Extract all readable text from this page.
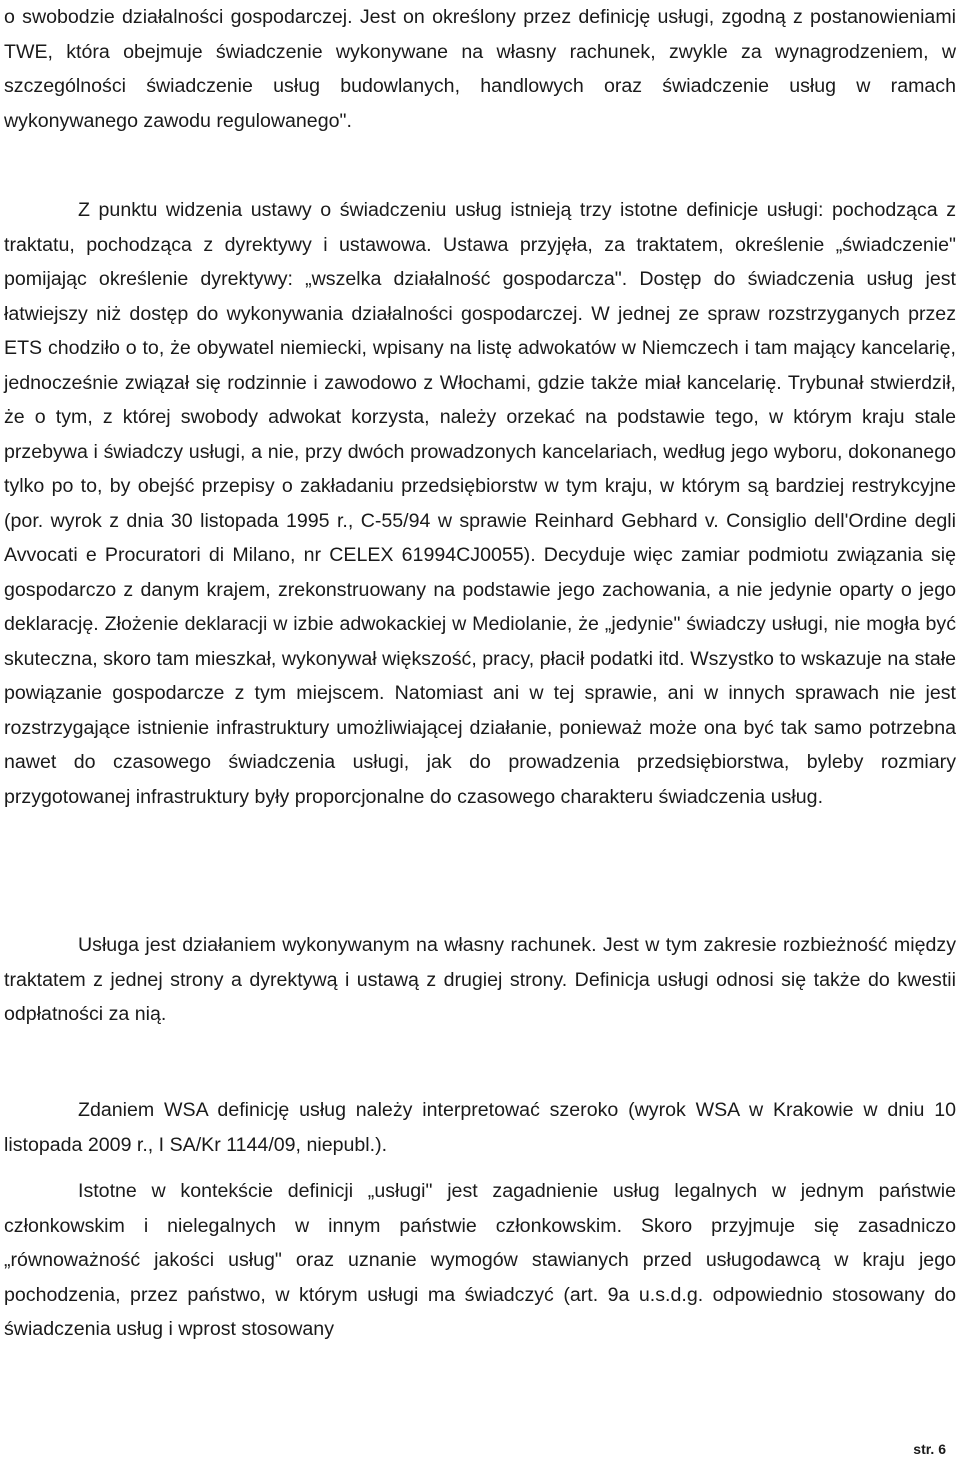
o swobodzie działalności gospodarczej. Jest on określony przez definicję usługi, zgodną z postanowieniami TWE, która obejmuje świadczenie wykonywane na własny rachunek, zwykle za wynagrodzeniem, w szczególności świadczenie usług budowlanych, handlowych oraz świadczenie usług w ramach wykonywanego zawodu regulowanego".

Z punktu widzenia ustawy o świadczeniu usług istnieją trzy istotne definicje usługi: pochodząca z traktatu, pochodząca z dyrektywy i ustawowa. Ustawa przyjęła, za traktatem, określenie „świadczenie" pomijając określenie dyrektywy: „wszelka działalność gospodarcza". Dostęp do świadczenia usług jest łatwiejszy niż dostęp do wykonywania działalności gospodarczej. W jednej ze spraw rozstrzyganych przez ETS chodziło o to, że obywatel niemiecki, wpisany na listę adwokatów w Niemczech i tam mający kancelarię, jednocześnie związał się rodzinnie i zawodowo z Włochami, gdzie także miał kancelarię. Trybunał stwierdził, że o tym, z której swobody adwokat korzysta, należy orzekać na podstawie tego, w którym kraju stale przebywa i świadczy usługi, a nie, przy dwóch prowadzonych kancelariach, według jego wyboru, dokonanego tylko po to, by obejść przepisy o zakładaniu przedsiębiorstw w tym kraju, w którym są bardziej restrykcyjne (por. wyrok z dnia 30 listopada 1995 r., C-55/94 w sprawie Reinhard Gebhard v. Consiglio dell'Ordine degli Avvocati e Procuratori di Milano, nr CELEX 61994CJ0055). Decyduje więc zamiar podmiotu związania się gospodarczo z danym krajem, zrekonstruowany na podstawie jego zachowania, a nie jedynie oparty o jego deklarację. Złożenie deklaracji w izbie adwokackiej w Mediolanie, że „jedynie" świadczy usługi, nie mogła być skuteczna, skoro tam mieszkał, wykonywał większość, pracy, płacił podatki itd. Wszystko to wskazuje na stałe powiązanie gospodarcze z tym miejscem. Natomiast ani w tej sprawie, ani w innych sprawach nie jest rozstrzygające istnienie infrastruktury umożliwiającej działanie, ponieważ może ona być tak samo potrzebna nawet do czasowego świadczenia usługi, jak do prowadzenia przedsiębiorstwa, byleby rozmiary przygotowanej infrastruktury były proporcjonalne do czasowego charakteru świadczenia usług.

Usługa jest działaniem wykonywanym na własny rachunek. Jest w tym zakresie rozbieżność między traktatem z jednej strony a dyrektywą i ustawą z drugiej strony. Definicja usługi odnosi się także do kwestii odpłatności za nią.

Zdaniem WSA definicję usług należy interpretować szeroko (wyrok WSA w Krakowie w dniu 10 listopada 2009 r., I SA/Kr 1144/09, niepubl.).

Istotne w kontekście definicji „usługi" jest zagadnienie usług legalnych w jednym państwie członkowskim i nielegalnych w innym państwie członkowskim. Skoro przyjmuje się zasadniczo „równoważność jakości usług" oraz uznanie wymogów stawianych przed usługodawcą w kraju jego pochodzenia, przez państwo, w którym usługi ma świadczyć (art. 9a u.s.d.g. odpowiednio stosowany do świadczenia usług i wprost stosowany

str. 6
